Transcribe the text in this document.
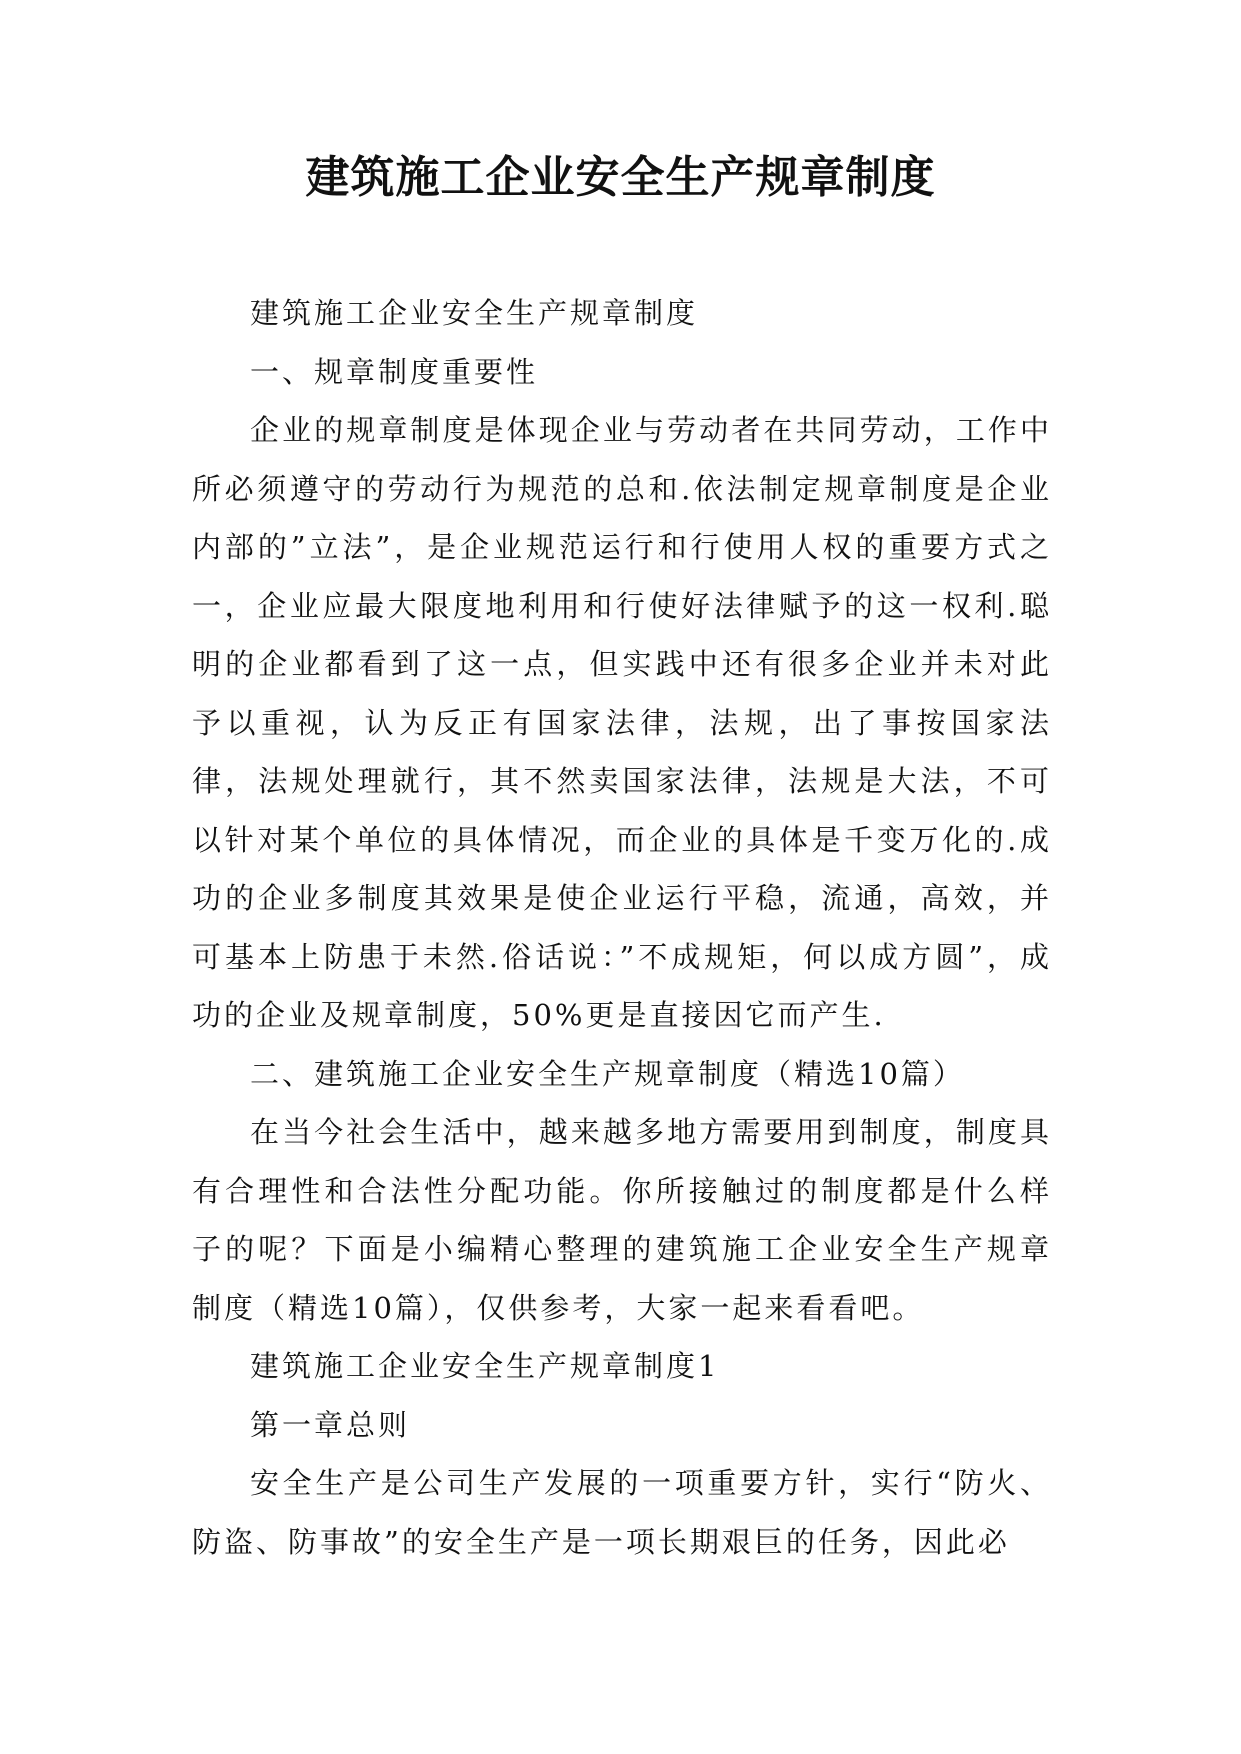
建筑施工企业安全生产规章制度

建筑施工企业安全生产规章制度

一、规章制度重要性

企业的规章制度是体现企业与劳动者在共同劳动，工作中所必须遵守的劳动行为规范的总和.依法制定规章制度是企业内部的”立法”，是企业规范运行和行使用人权的重要方式之一，企业应最大限度地利用和行使好法律赋予的这一权利.聪明的企业都看到了这一点，但实践中还有很多企业并未对此予以重视，认为反正有国家法律，法规，出了事按国家法律，法规处理就行，其不然卖国家法律，法规是大法，不可以针对某个单位的具体情况，而企业的具体是千变万化的.成功的企业多制度其效果是使企业运行平稳，流通，高效，并可基本上防患于未然.俗话说：”不成规矩，何以成方圆”，成功的企业及规章制度，50%更是直接因它而产生.

二、建筑施工企业安全生产规章制度（精选10篇）

在当今社会生活中，越来越多地方需要用到制度，制度具有合理性和合法性分配功能。你所接触过的制度都是什么样子的呢？下面是小编精心整理的建筑施工企业安全生产规章制度（精选10篇），仅供参考，大家一起来看看吧。

建筑施工企业安全生产规章制度1

第一章总则

安全生产是公司生产发展的一项重要方针，实行“防火、防盗、防事故”的安全生产是一项长期艰巨的任务，因此必
